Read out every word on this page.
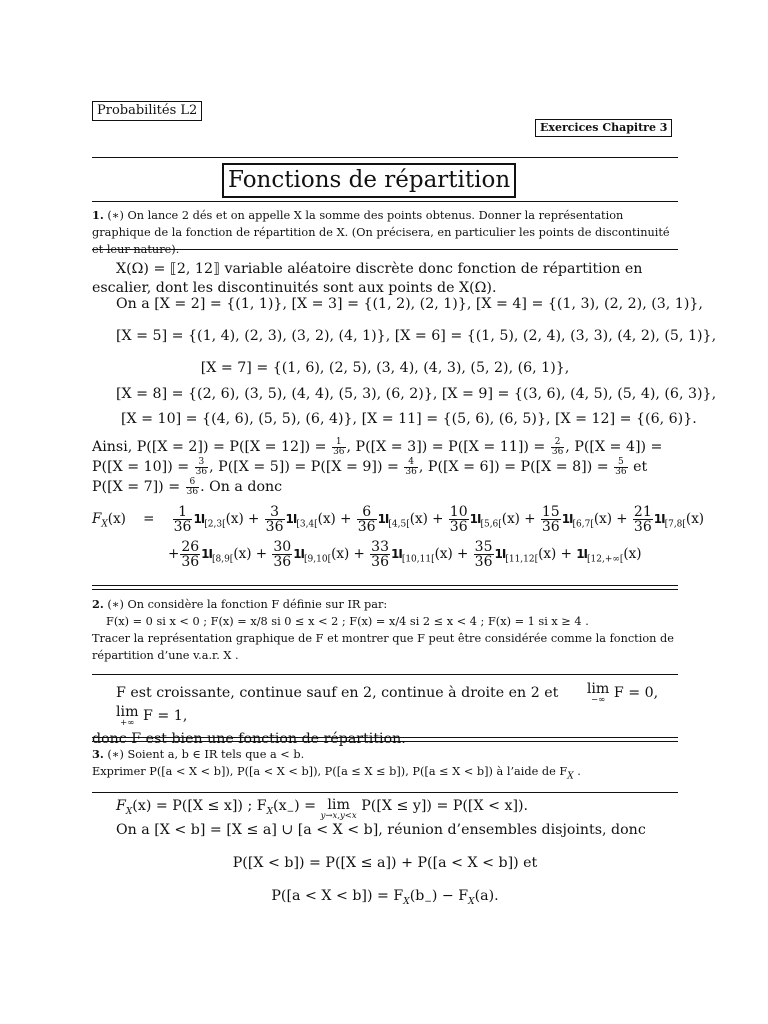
Probabilités L2
Exercices Chapitre 3
Fonctions de répartition
1. (∗) On lance 2 dés et on appelle X la somme des points obtenus. Donner la représentation graphique de la fonction de répartition de X. (On précisera, en particulier les points de discontinuité et leur nature).
X(Ω) = ⟦2, 12⟧ variable aléatoire discrète donc fonction de répartition en escalier, dont les discontinuités sont aux points de X(Ω).
On a [X = 2] = {(1, 1)}, [X = 3] = {(1, 2), (2, 1)}, [X = 4] = {(1, 3), (2, 2), (3, 1)},
[X = 5] = {(1, 4), (2, 3), (3, 2), (4, 1)}, [X = 6] = {(1, 5), (2, 4), (3, 3), (4, 2), (5, 1)},
[X = 7] = {(1, 6), (2, 5), (3, 4), (4, 3), (5, 2), (6, 1)},
[X = 8] = {(2, 6), (3, 5), (4, 4), (5, 3), (6, 2)}, [X = 9] = {(3, 6), (4, 5), (5, 4), (6, 3)},
[X = 10] = {(4, 6), (5, 5), (6, 4)}, [X = 11] = {(5, 6), (6, 5)}, [X = 12] = {(6, 6)}.
Ainsi, $P([X = 2]) = P([X = 12]) = \frac{1}{36}$ , $P([X = 3]) = P([X = 11]) = \frac{2}{36}$ , $P([X = 4]) = P([X = 10]) = \frac{3}{36}$ , $P([X = 5]) = P([X = 9]) = \frac{4}{36}$ , $P([X = 6]) = P([X = 8]) = \frac{5}{36}$ et $P([X = 7]) = \frac{6}{36}$ . On a donc
$F_X(x) = \frac{1}{36} 1I_{[2,3[}(x) + \frac{3}{36} 1I_{[3,4[}(x) + \frac{6}{36} 1I_{[4,5[}(x) + \frac{10}{36} 1I_{[5,6[}(x) + \frac{15}{36} 1I_{[6,7[}(x) + \frac{21}{36} 1I_{[7,8[}(x)$
+ $\frac{26}{36} 1I_{[8,9[}(x) + \frac{30}{36} 1I_{[9,10[}(x) + \frac{33}{36} 1I_{[10,11[}(x) + \frac{35}{36} 1I_{[11,12[}(x) + 1I_{[12,+\infty[}(x)$
2. (∗) On considère la fonction F définie sur IR par:
F(x) = 0 si x < 0 ; F(x) = x/8 si 0 ≤ x < 2 ; F(x) = x/4 si 2 ≤ x < 4 ; F(x) = 1 si x ≥ 4 .
Tracer la représentation graphique de F et montrer que F peut être considérée comme la fonction de répartition d’une v.a.r. X .
F est croissante, continue sauf en 2, continue à droite en 2 et	lim
−∞ F = 0,
lim
+∞ F = 1,
donc F est bien une fonction de répartition.
3. (∗) Soient a, b ∈ IR tels que a < b.
Exprimer P([a < X < b]), P([a < X < b]), P([a ≤ X ≤ b]), P([a ≤ X < b]) à l’aide de $F_X$ .
$F_X(x) = P([X \le x])$ ; $F_X(x_-) = \lim$
y→x,y<x
P([X ≤ y]) = P([X < x]).
On a [X < b] = [X ≤ a] ∪ [a < X < b], réunion d’ensembles disjoints, donc
P([X < b]) = P([X ≤ a]) + P([a < X < b]) et
$P([a < X < b]) = F_X(b_-) - F_X(a)$.
